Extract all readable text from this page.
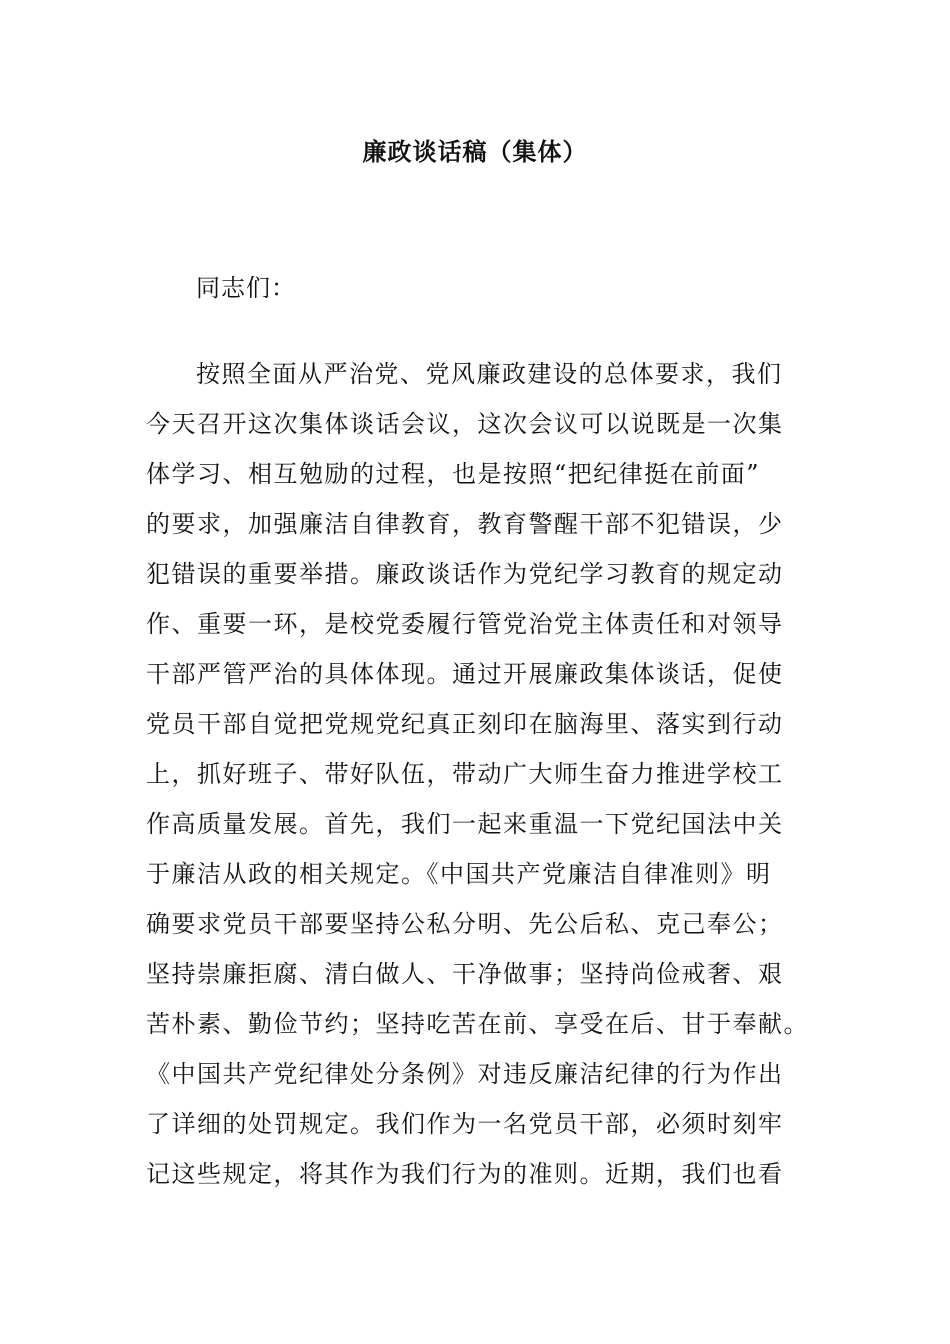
廉政谈话稿（集体）
同志们：
按照全面从严治党、党风廉政建设的总体要求，我们
今天召开这次集体谈话会议，这次会议可以说既是一次集
体学习、相互勉励的过程，也是按照“把纪律挺在前面”
的要求，加强廉洁自律教育，教育警醒干部不犯错误，少
犯错误的重要举措。廉政谈话作为党纪学习教育的规定动
作、重要一环，是校党委履行管党治党主体责任和对领导
干部严管严治的具体体现。通过开展廉政集体谈话，促使
党员干部自觉把党规党纪真正刻印在脑海里、落实到行动
上，抓好班子、带好队伍，带动广大师生奋力推进学校工
作高质量发展。首先，我们一起来重温一下党纪国法中关
于廉洁从政的相关规定。《中国共产党廉洁自律准则》明
确要求党员干部要坚持公私分明、先公后私、克己奉公；
坚持崇廉拒腐、清白做人、干净做事；坚持尚俭戒奢、艰
苦朴素、勤俭节约；坚持吃苦在前、享受在后、甘于奉献。
《中国共产党纪律处分条例》对违反廉洁纪律的行为作出
了详细的处罚规定。我们作为一名党员干部，必须时刻牢
记这些规定，将其作为我们行为的准则。近期，我们也看
